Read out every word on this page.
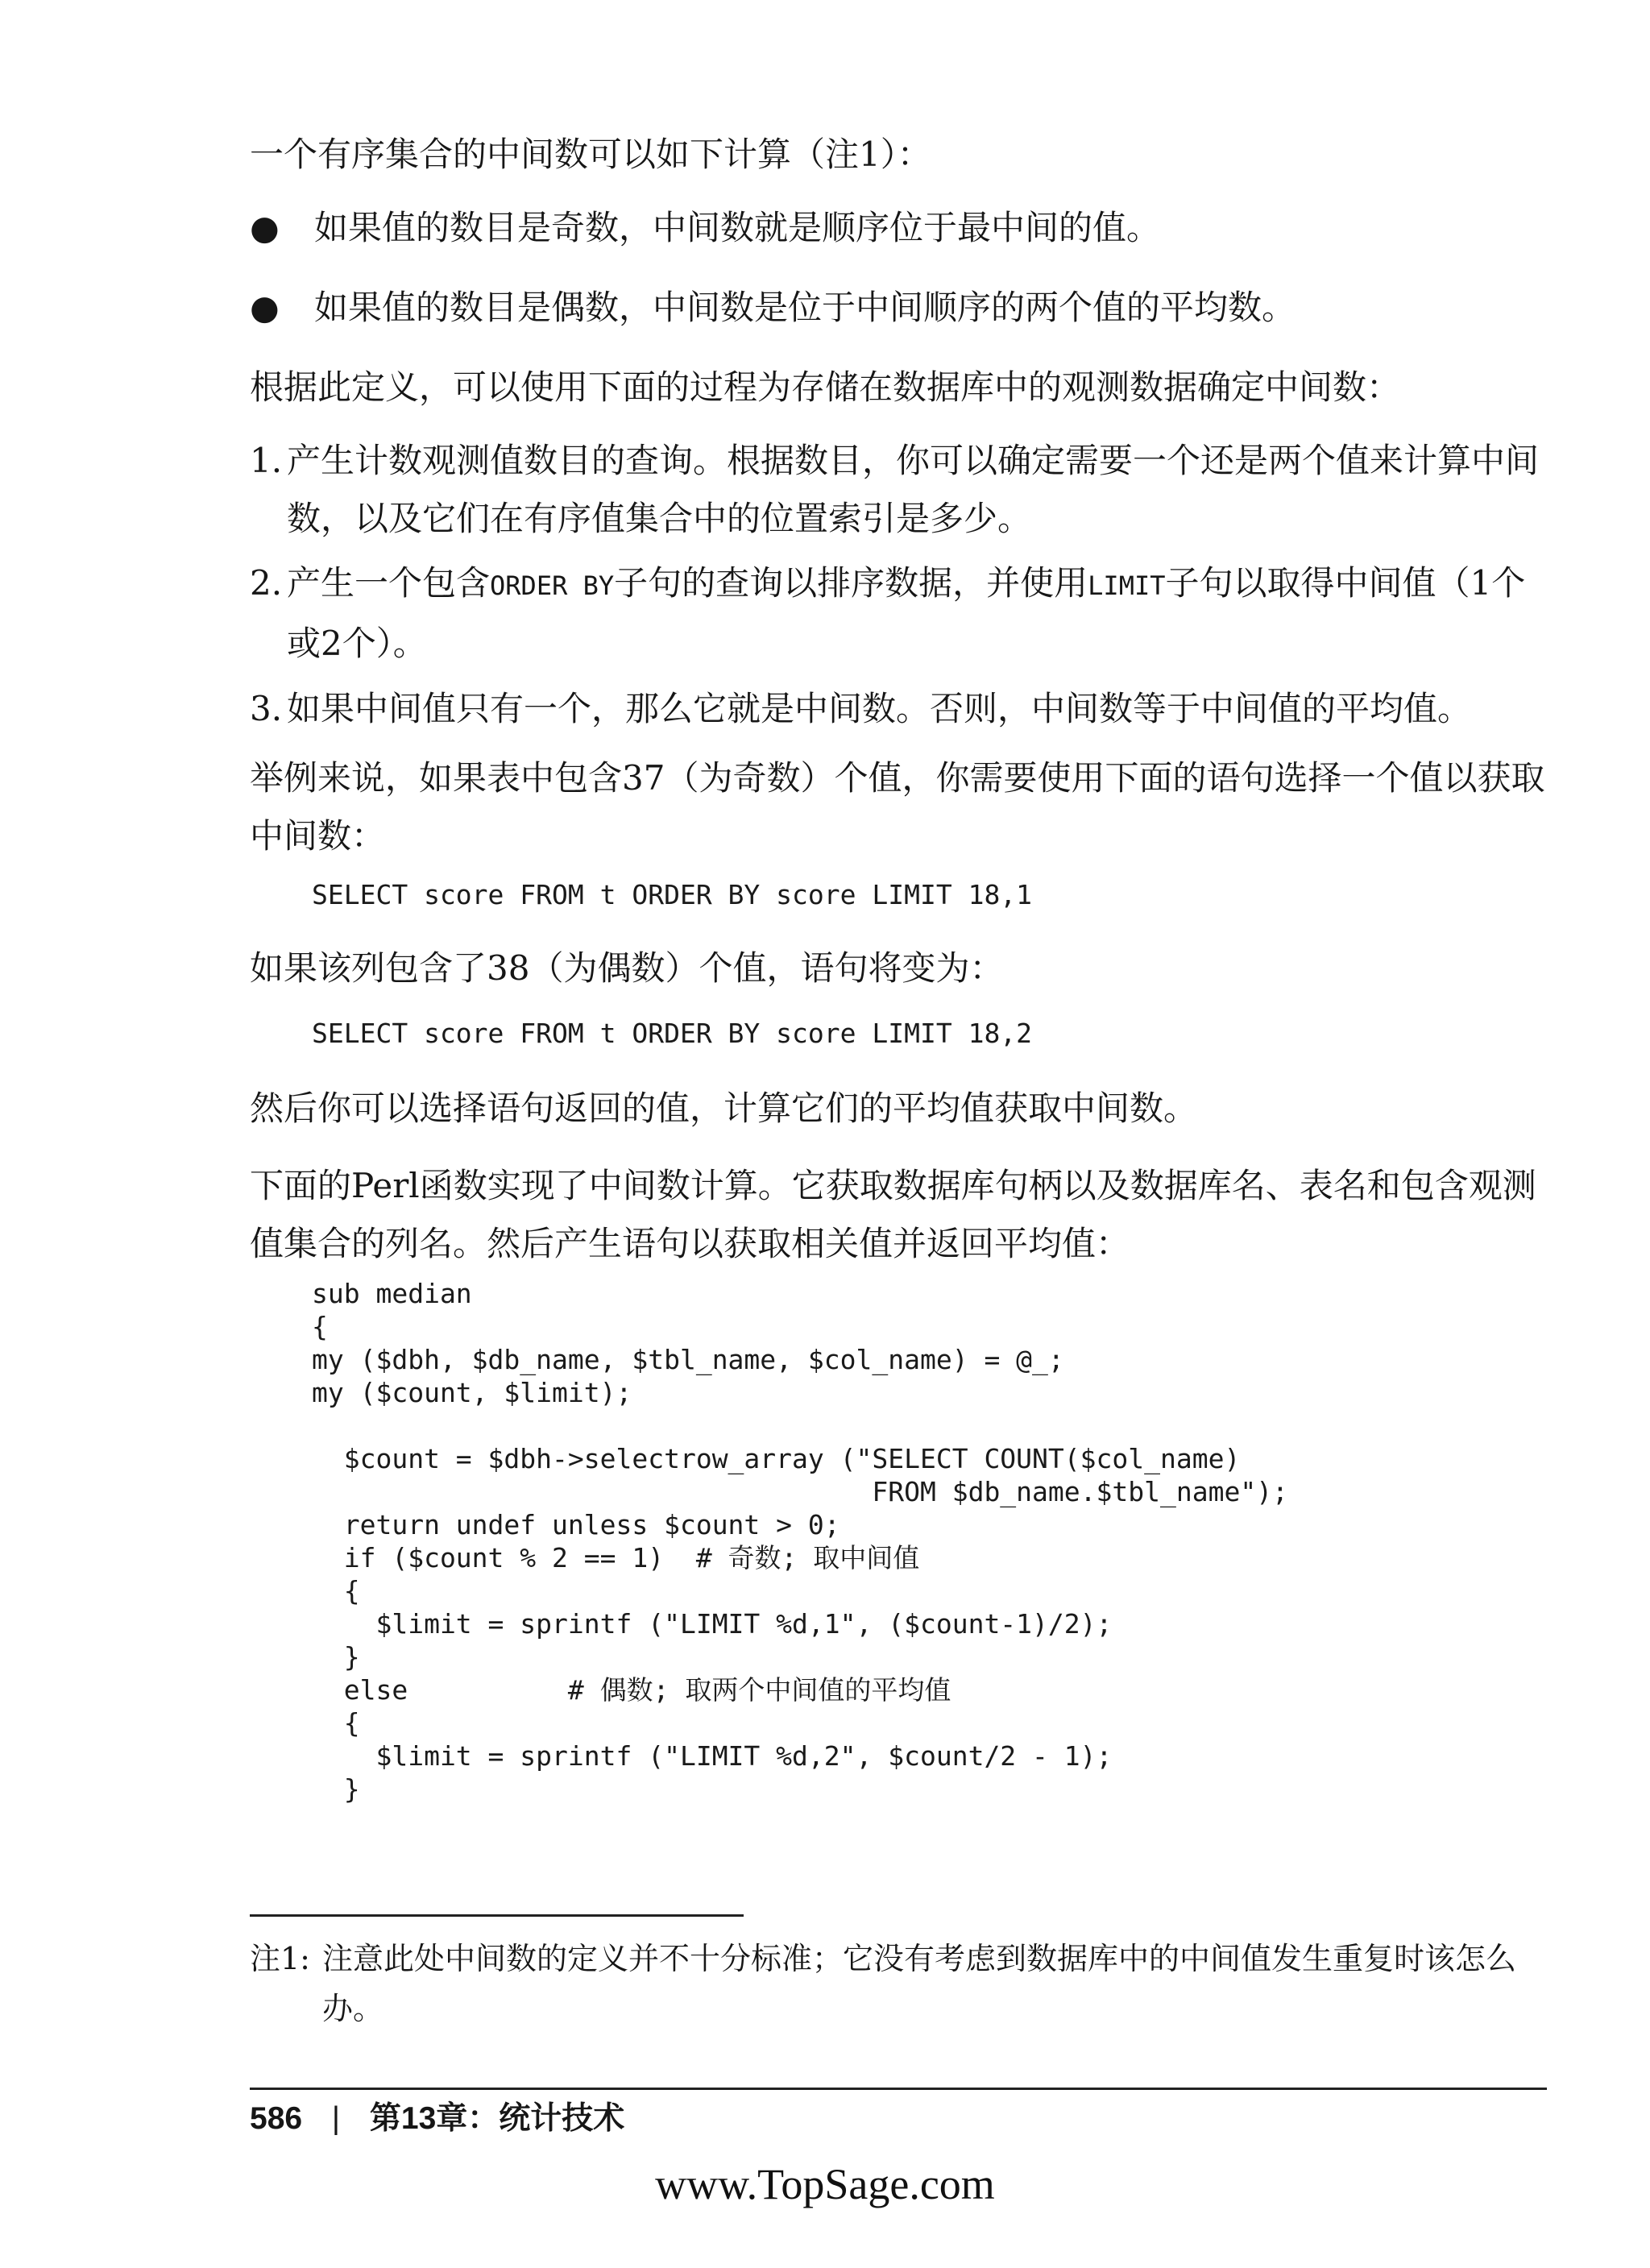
一个有序集合的中间数可以如下计算（注1）：

●	如果值的数目是奇数，中间数就是顺序位于最中间的值。
●	如果值的数目是偶数，中间数是位于中间顺序的两个值的平均数。

根据此定义，可以使用下面的过程为存储在数据库中的观测数据确定中间数：

1. 产生计数观测值数目的查询。根据数目，你可以确定需要一个还是两个值来计算中间数，以及它们在有序值集合中的位置索引是多少。
2. 产生一个包含ORDER BY子句的查询以排序数据，并使用LIMIT子句以取得中间值（1个或2个）。
3. 如果中间值只有一个，那么它就是中间数。否则，中间数等于中间值的平均值。

举例来说，如果表中包含37（为奇数）个值，你需要使用下面的语句选择一个值以获取中间数：

SELECT score FROM t ORDER BY score LIMIT 18,1

如果该列包含了38（为偶数）个值，语句将变为：

SELECT score FROM t ORDER BY score LIMIT 18,2

然后你可以选择语句返回的值，计算它们的平均值获取中间数。

下面的Perl函数实现了中间数计算。它获取数据库句柄以及数据库名、表名和包含观测值集合的列名。然后产生语句以获取相关值并返回平均值：

sub median
{
my ($dbh, $db_name, $tbl_name, $col_name) = @_;
my ($count, $limit);

$count = $dbh->selectrow_array ("SELECT COUNT($col_name)
FROM $db_name.$tbl_name");
return undef unless $count > 0;
if ($count % 2 == 1)  # 奇数; 取中间值
{
$limit = sprintf ("LIMIT %d,1", ($count-1)/2);
}
else          # 偶数; 取两个中间值的平均值
{
$limit = sprintf ("LIMIT %d,2", $count/2 - 1);
}
注1: 注意此处中间数的定义并不十分标准；它没有考虑到数据库中的中间值发生重复时该怎么办。
586 | 第13章：统计技术
www.TopSage.com
